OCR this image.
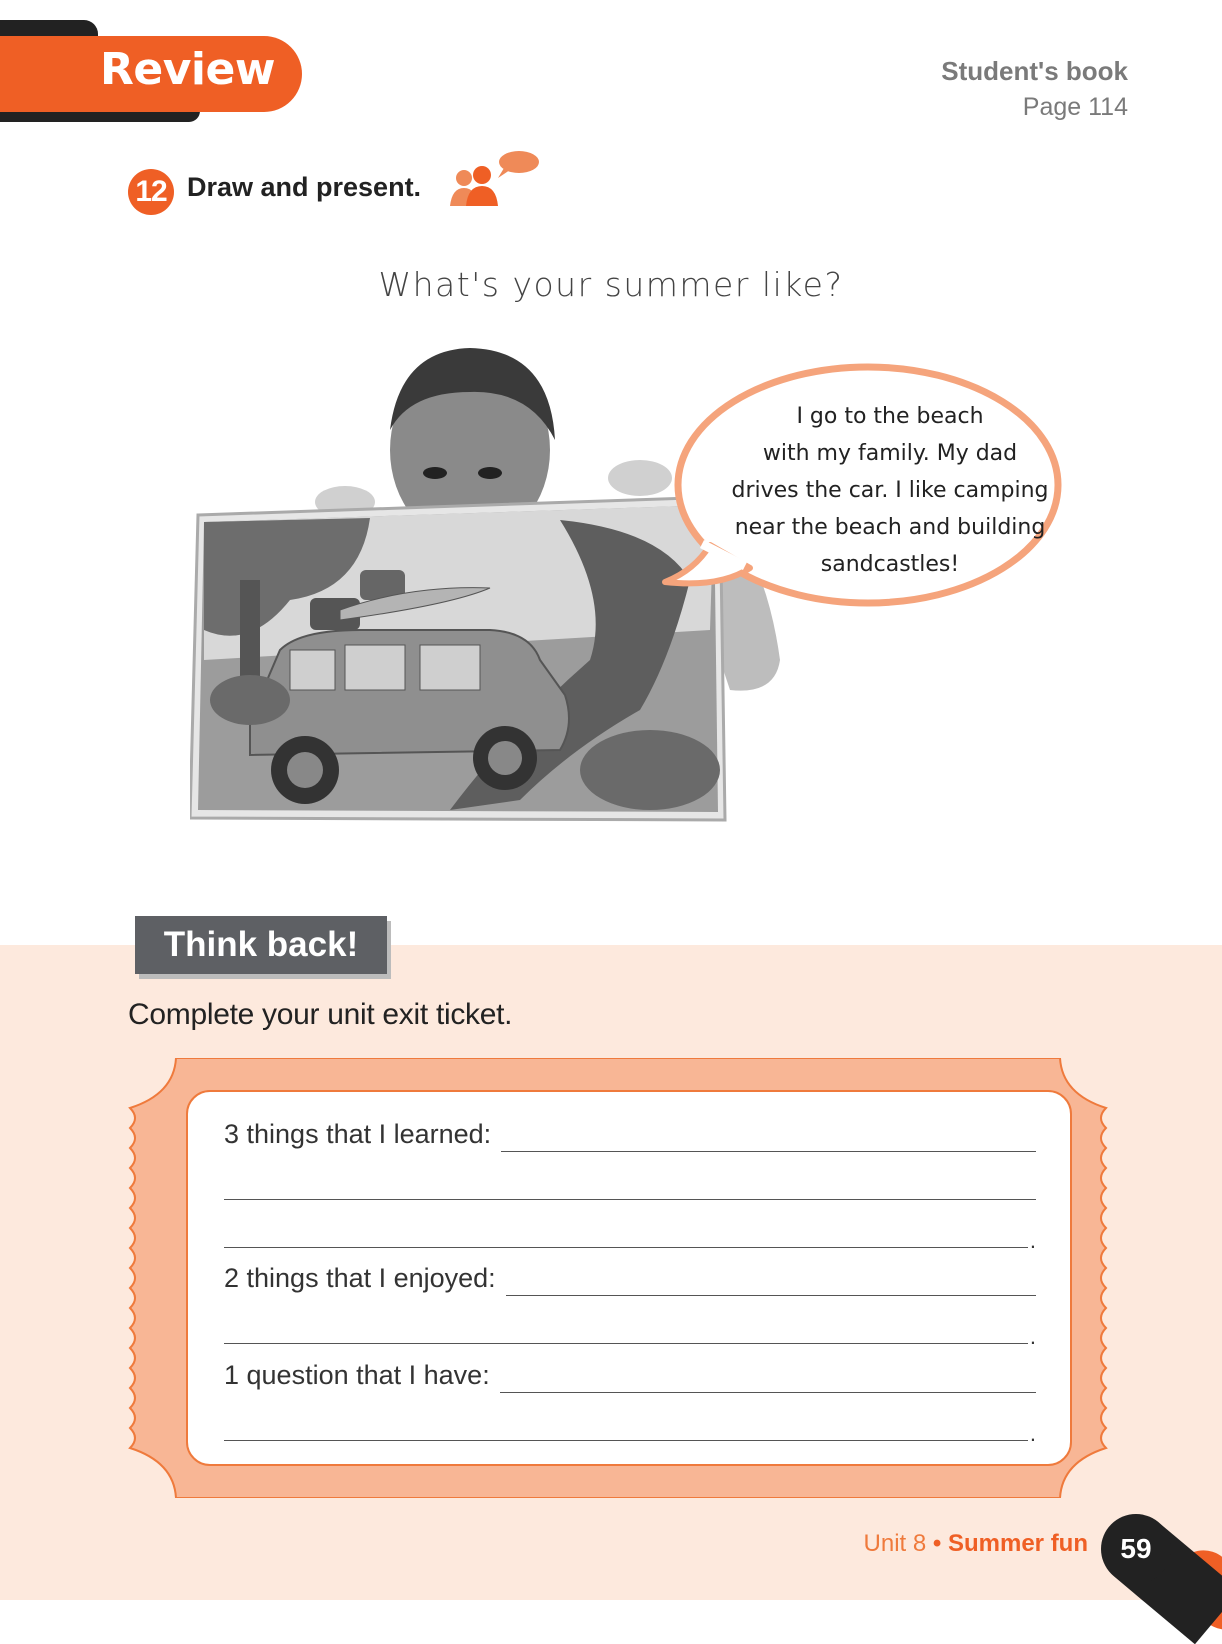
Review	Student's book
Page 114
12 Draw and present.
What's your summer like?
I go to the beach
with my family. My dad
drives the car. I like camping
near the beach and building
sandcastles!
Think back!
Complete your unit exit ticket.
3 things that I learned:
.
2 things that I enjoyed:
.
1 question that I have:
.
Unit 8 • Summer fun	59
